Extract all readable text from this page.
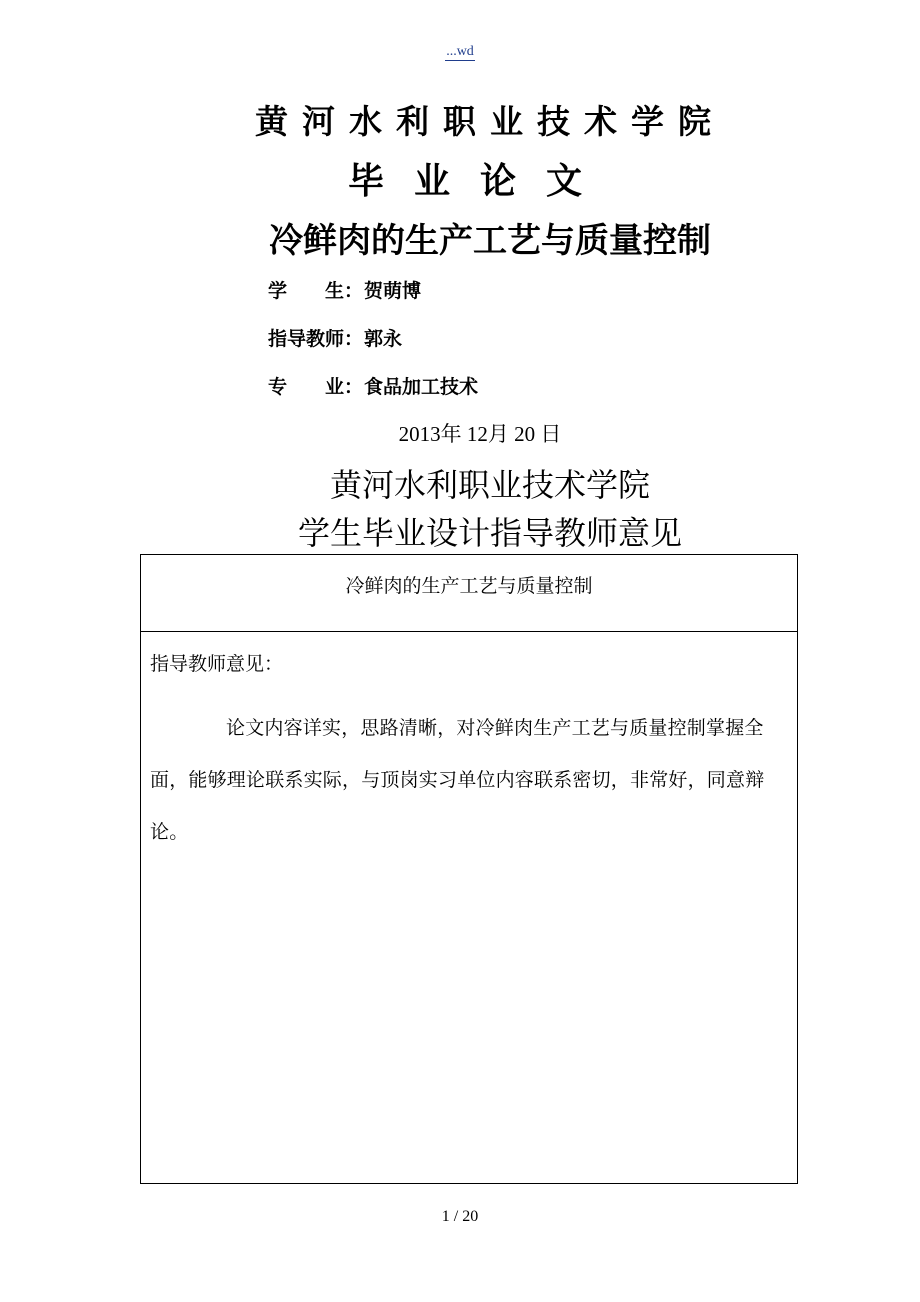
...wd
黄河水利职业技术学院
毕业论文
冷鲜肉的生产工艺与质量控制
学　　生：贺萌博
指导教师：郭永
专　　业：食品加工技术
2013年 12月 20 日
黄河水利职业技术学院
学生毕业设计指导教师意见
冷鲜肉的生产工艺与质量控制
指导教师意见：
论文内容详实，思路清晰，对冷鲜肉生产工艺与质量控制掌握全面，能够理论联系实际，与顶岗实习单位内容联系密切，非常好，同意辩论。
1 / 20
